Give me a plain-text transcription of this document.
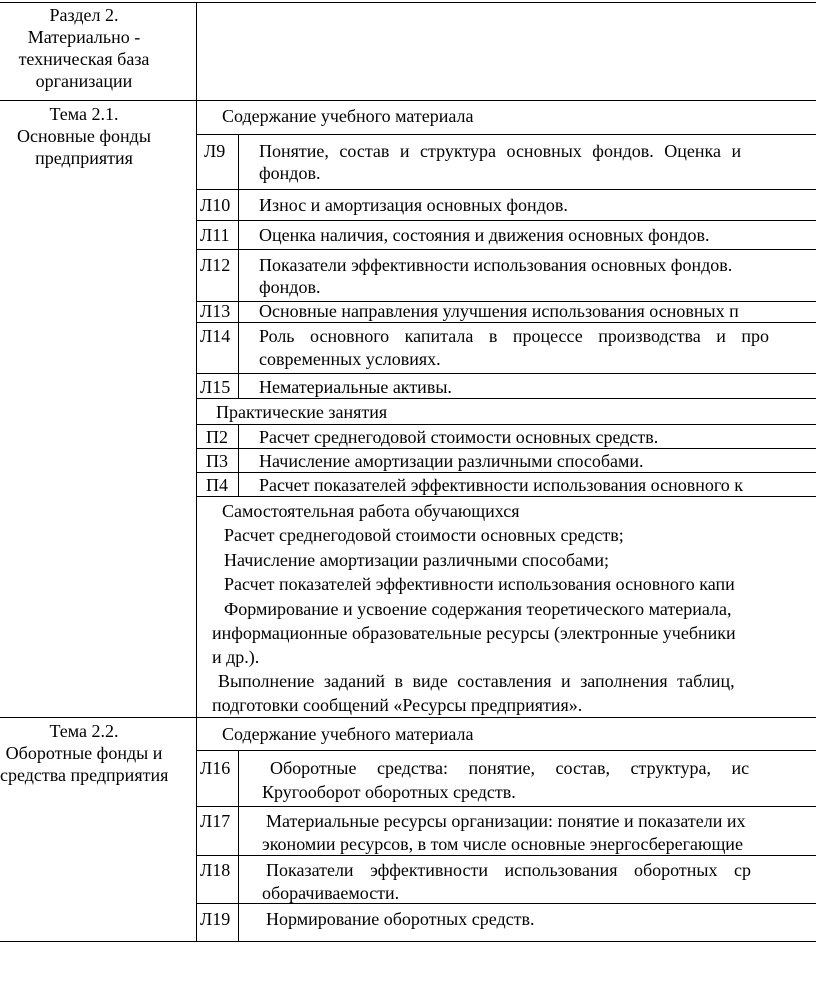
Раздел 2.
Материально -
техническая база
организации
Тема 2.1.
Основные фонды
предприятия
Содержание учебного материала
Л9 Понятие, состав и структура основных фондов. Оценка и
фондов.
Л10 Износ и амортизация основных фондов.
Л11 Оценка наличия, состояния и движения основных фондов.
Л12 Показатели эффективности использования основных фондов.
фондов.
Л13 Основные направления улучшения использования основных п
Л14 Роль основного капитала в процессе производства и про
современных условиях.
Л15 Нематериальные активы.
Практические занятия
П2 Расчет среднегодовой стоимости основных средств.
П3 Начисление амортизации различными способами.
П4 Расчет показателей эффективности использования основного к
Самостоятельная работа обучающихся
Расчет среднегодовой стоимости основных средств;
Начисление амортизации различными способами;
Расчет показателей эффективности использования основного капи
Формирование и усвоение содержания теоретического материала,
информационные образовательные ресурсы (электронные учебники
и др.).
Выполнение заданий в виде составления и заполнения таблиц,
подготовки сообщений «Ресурсы предприятия».
Тема 2.2.
Оборотные фонды и
средства предприятия
Содержание учебного материала
Л16 Оборотные средства: понятие, состав, структура, ис
Кругооборот оборотных средств.
Л17 Материальные ресурсы организации: понятие и показатели их
экономии ресурсов, в том числе основные энергосберегающие
Л18 Показатели эффективности использования оборотных ср
оборачиваемости.
Л19 Нормирование оборотных средств.
